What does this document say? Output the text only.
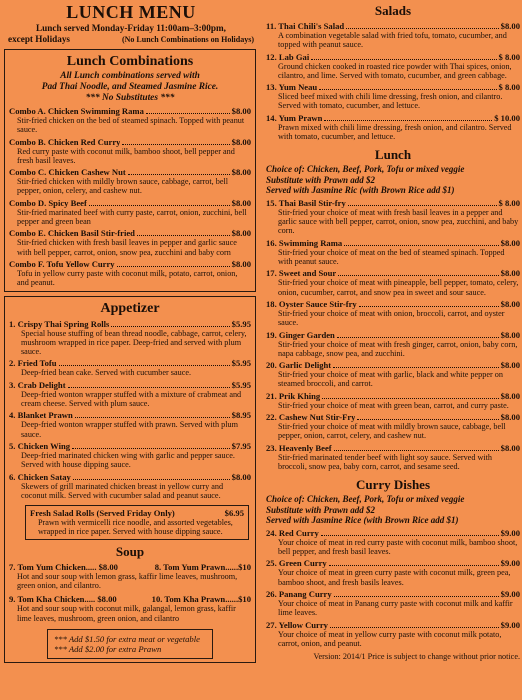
LUNCH MENU
Lunch served Monday-Friday 11:00am–3:00pm,
except Holidays	(No Lunch Combinations on Holidays)
Lunch Combinations
All Lunch combinations served with
Pad Thai Noodle, and Steamed Jasmine Rice.
*** No Substitutes ***
Combo A. Chicken Swimming Rama	$8.00
Stir-fried chicken on the bed of steamed spinach. Topped with peanut sauce.
Combo B. Chicken Red Curry	$8.00
Red curry paste with coconut milk, bamboo shoot, bell pepper and fresh basil leaves.
Combo C. Chicken Cashew Nut	$8.00
Stir-fried chicken with mildly brown sauce, cabbage, carrot, bell pepper, onion, celery, and cashew nut.
Combo D. Spicy Beef	$8.00
Stir-fried marinated beef with curry paste, carrot, onion, zucchini, bell pepper and green bean
Combo E. Chicken Basil Stir-fried	$8.00
Stir-fried chicken with fresh basil leaves in pepper and garlic sauce with bell pepper, carrot, onion, snow pea, zucchini and baby corn
Combo F. Tofu Yellow Curry	$8.00
Tofu in yellow curry paste with coconut milk, potato, carrot, onion, and peanut.
Appetizer
1. Crispy Thai Spring Rolls	$5.95
Special house stuffing of bean thread noodle, cabbage, carrot, celery, mushroom wrapped in rice paper. Deep-fried and served with plum sauce.
2. Fried Tofu	$5.95
Deep-fried bean cake. Served with cucumber sauce.
3. Crab Delight	$5.95
Deep-fried wonton wrapper stuffed with a mixture of crabmeat and cream cheese. Served with plum sauce.
4. Blanket Prawn	$8.95
Deep-fried wonton wrapper stuffed with prawn. Served with plum sauce.
5. Chicken Wing	$7.95
Deep-fried marinated chicken wing with garlic and pepper sauce. Served with house dipping sauce.
6. Chicken Satay	$8.00
Skewers of grill marinated chicken breast in yellow curry and coconut milk. Served with cucumber salad and peanut sauce.
Fresh Salad Rolls (Served Friday Only)	$6.95
Prawn with vermicelli rice noodle, and assorted vegetables, wrapped in rice paper. Served with house dipping sauce.
Soup
7. Tom Yum Chicken..... $8.00	8. Tom Yum Prawn......$10
Hot and sour soup with lemon grass, kaffir lime leaves, mushroom, green onion, and cilantro.
9. Tom Kha Chicken..... $8.00	10. Tom Kha Prawn......$10
Hot and sour soup with coconut milk, galangal, lemon grass, kaffir lime leaves, mushroom, green onion, and cilantro
*** Add $1.50 for extra meat or vegetable
*** Add $2.00 for extra Prawn
Salads
11. Thai Chili's Salad	$8.00
A combination vegetable salad with fried tofu, tomato, cucumber, and topped with peanut sauce.
12. Lab Gai	$ 8.00
Ground chicken cooked in roasted rice powder with Thai spices, onion, cilantro, and lime. Served with tomato, cucumber, and green cabbage.
13. Yum Neau	$ 8.00
Sliced beef mixed with chili lime dressing, fresh onion, and cilantro. Served with tomato, cucumber, and lettuce.
14. Yum Prawn	$ 10.00
Prawn mixed with chili lime dressing, fresh onion, and cilantro. Served with tomato, cucumber, and lettuce.
Lunch
Choice of: Chicken, Beef, Pork, Tofu or mixed veggie
Substitute with Prawn add $2
Served with Jasmine Ric (with Brown Rice add $1)
15. Thai Basil Stir-fry	$ 8.00
Stir-fried your choice of meat with fresh basil leaves in a pepper and garlic sauce with bell pepper, carrot, onion, snow pea, zucchini, and baby corn.
16. Swimming Rama	$8.00
Stir-fried your choice of meat on the bed of steamed spinach. Topped with peanut sauce.
17. Sweet and Sour	$8.00
Stir-fried your choice of meat with pineapple, bell pepper, tomato, celery, onion, cucumber, carrot, and snow pea in sweet and sour sauce.
18. Oyster Sauce Stir-fry	$8.00
Stir-fried your choice of meat with onion, broccoli, carrot, and oyster sauce.
19. Ginger Garden	$8.00
Stir-fried your choice of meat with fresh ginger, carrot, onion, baby corn, napa cabbage, snow pea, and zucchini.
20. Garlic Delight	$8.00
Stir-fried your choice of meat with garlic, black and white pepper on steamed broccoli, and carrot.
21. Prik Khing	$8.00
Stir-fried your choice of meat with green bean, carrot, and curry paste.
22. Cashew Nut Stir-Fry	$8.00
Stir-fried your choice of meat with mildly brown sauce, cabbage, bell pepper, onion, carrot, celery, and cashew nut.
23. Heavenly Beef	$8.00
Stir-fried marinated tender beef with light soy sauce. Served with broccoli, snow pea, baby corn, carrot, and sesame seed.
Curry Dishes
Choice of: Chicken, Beef, Pork, Tofu or mixed veggie
Substitute with Prawn add $2
Served with Jasmine Rice (with Brown Rice add $1)
24. Red Curry	$9.00
Your choice of meat in red curry paste with coconut milk, bamboo shoot, bell pepper, and fresh basil leaves.
25. Green Curry	$9.00
Your choice of meat in green curry paste with coconut milk, green pea, bamboo shoot, and fresh basils leaves.
26. Panang Curry	$9.00
Your choice of meat in Panang curry paste with coconut milk and kaffir lime leaves.
27. Yellow Curry	$9.00
Your choice of meat in yellow curry paste with coconut milk potato, carrot, onion, and peanut.
Version: 2014/1 Price is subject to change without prior notice.
